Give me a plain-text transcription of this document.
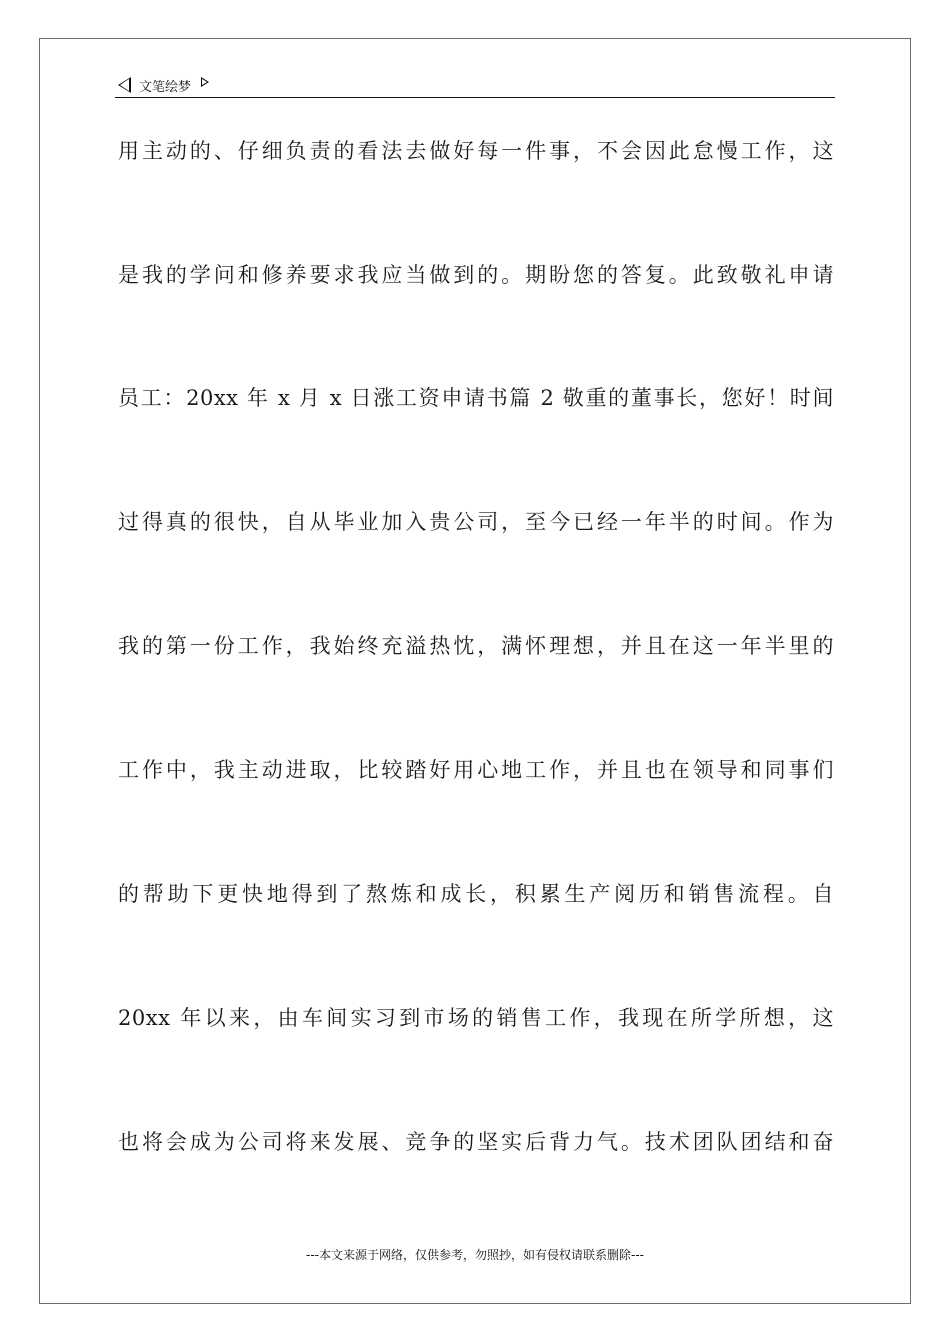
文笔绘梦
用主动的、仔细负责的看法去做好每一件事，不会因此怠慢工作，这
是我的学问和修养要求我应当做到的。期盼您的答复。此致敬礼申请
员工：20xx 年 x 月 x 日涨工资申请书篇 2 敬重的董事长，您好！时间
过得真的很快，自从毕业加入贵公司，至今已经一年半的时间。作为
我的第一份工作，我始终充溢热忱，满怀理想，并且在这一年半里的
工作中，我主动进取，比较踏好用心地工作，并且也在领导和同事们
的帮助下更快地得到了熬炼和成长，积累生产阅历和销售流程。自
20xx 年以来，由车间实习到市场的销售工作，我现在所学所想，这
也将会成为公司将来发展、竞争的坚实后背力气。技术团队团结和奋
---本文来源于网络，仅供参考，勿照抄，如有侵权请联系删除---
